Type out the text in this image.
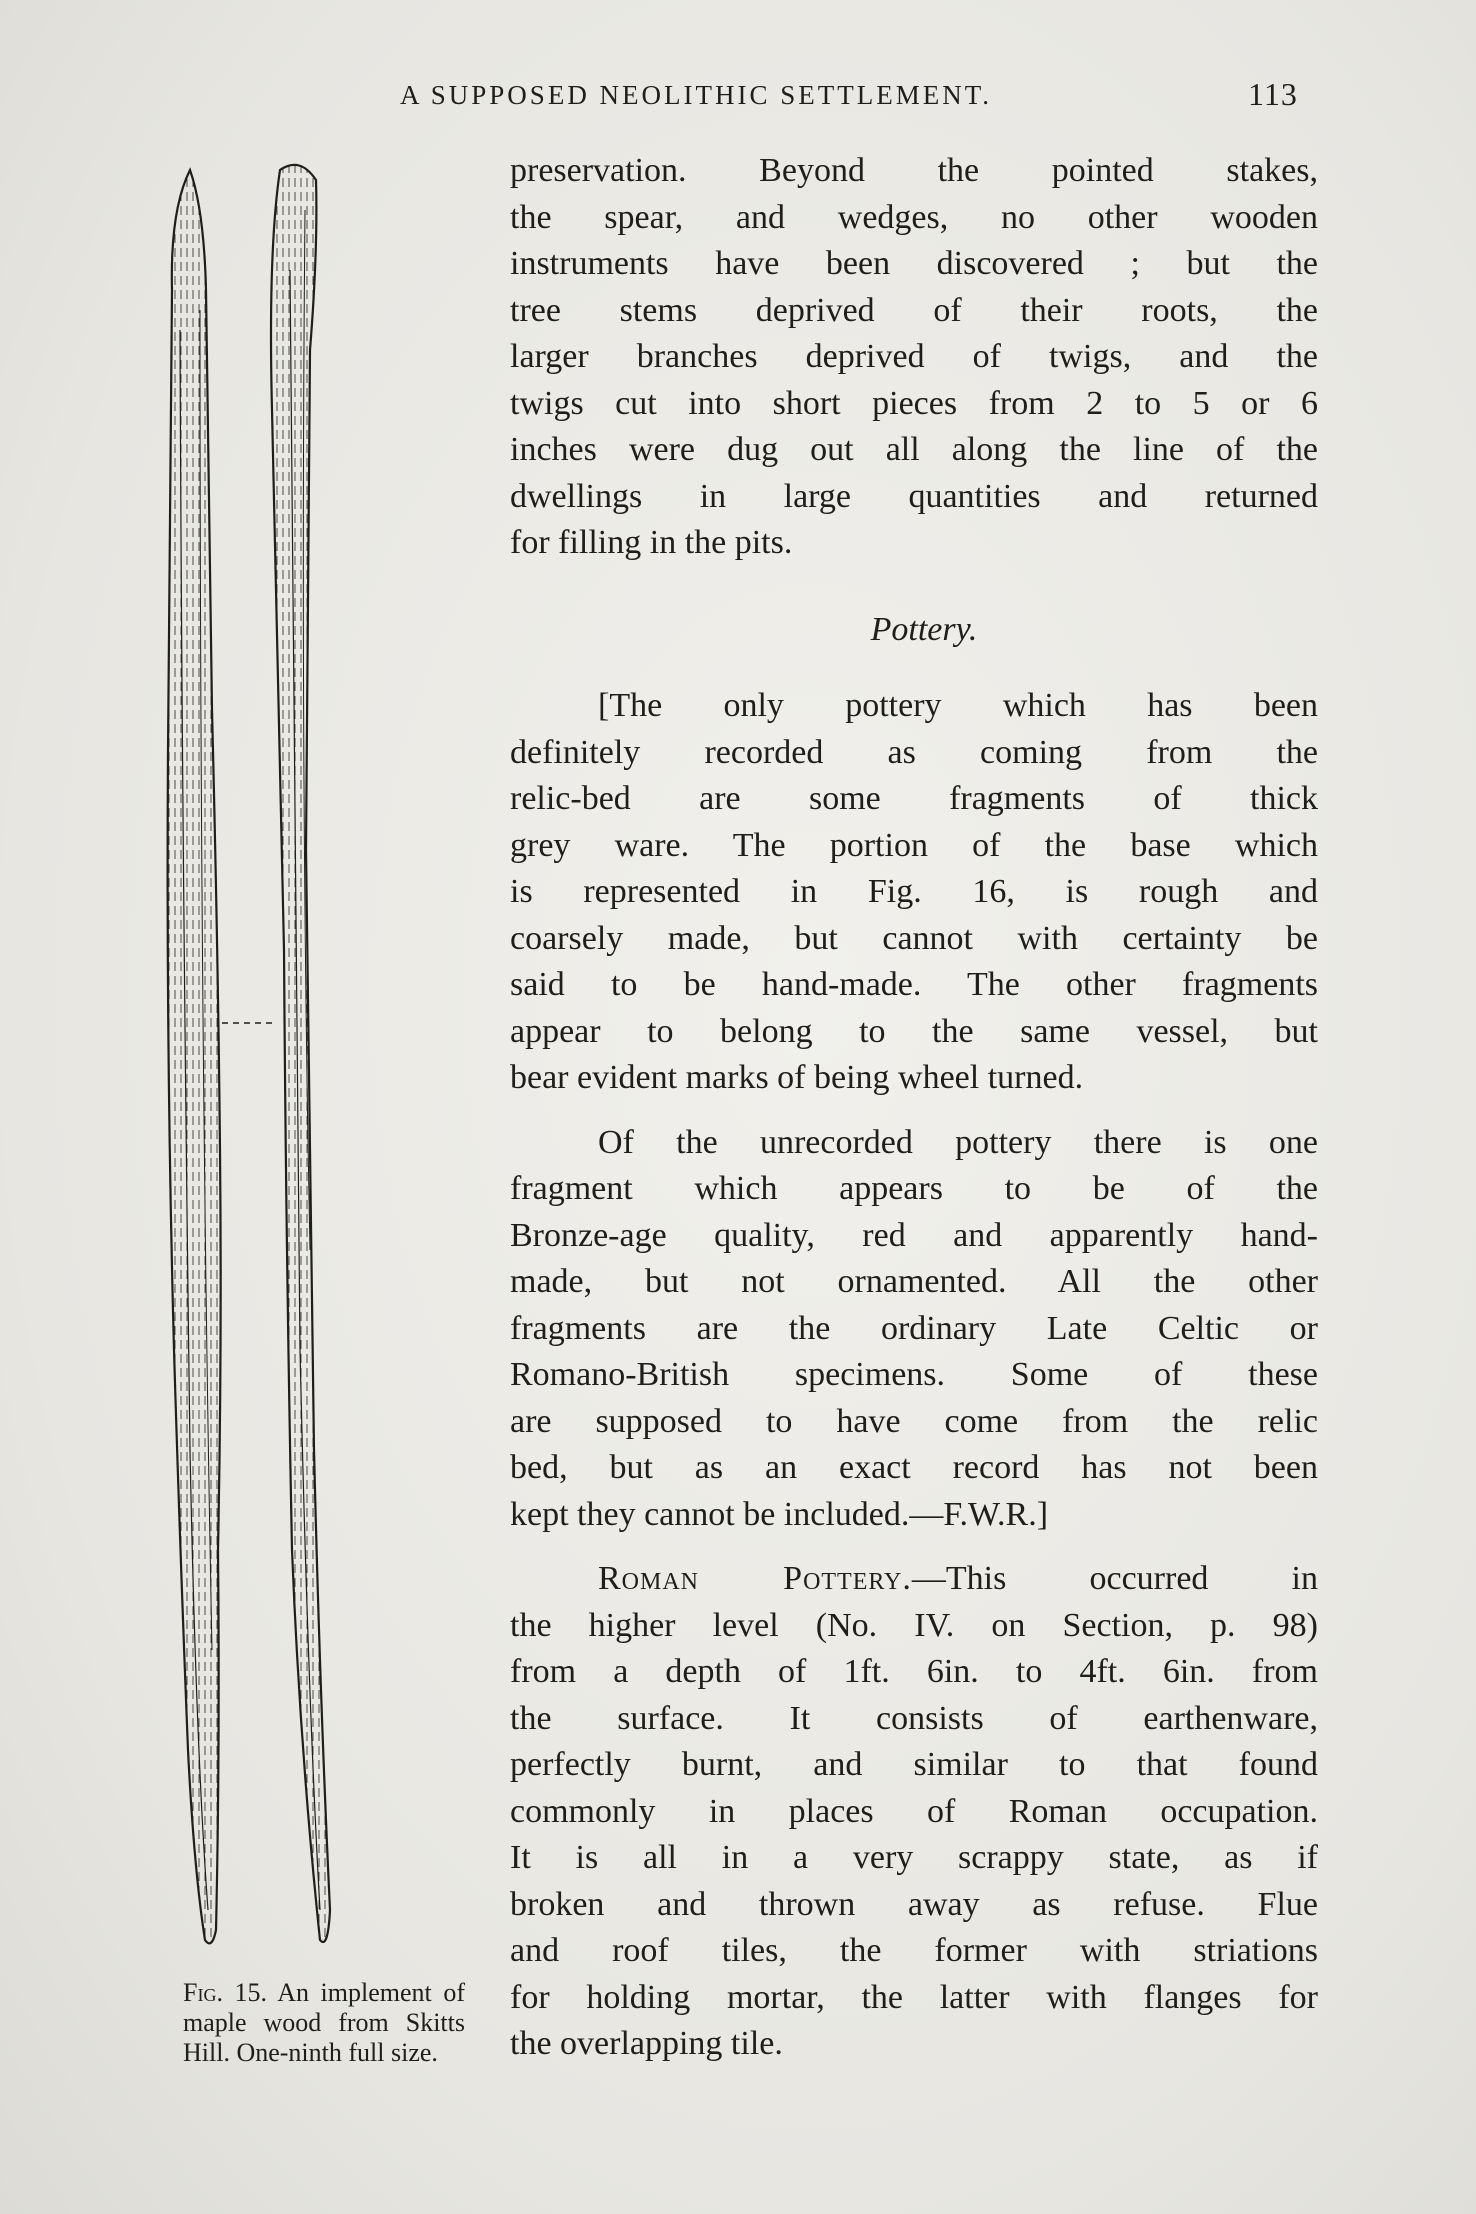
A SUPPOSED NEOLITHIC SETTLEMENT.	113
Fig. 15. An implement of maple wood from Skitts Hill. One-ninth full size.

preservation. Beyond the pointed stakes,
the spear, and wedges, no other wooden
instruments have been discovered ; but the
tree stems deprived of their roots, the
larger branches deprived of twigs, and the
twigs cut into short pieces from 2 to 5 or 6
inches were dug out all along the line of the
dwellings in large quantities and returned
for filling in the pits.

Pottery.

[The only pottery which has been
definitely recorded as coming from the
relic-bed are some fragments of thick
grey ware. The portion of the base which
is represented in Fig. 16, is rough and
coarsely made, but cannot with certainty be
said to be hand-made. The other fragments
appear to belong to the same vessel, but
bear evident marks of being wheel turned.

Of the unrecorded pottery there is one
fragment which appears to be of the
Bronze-age quality, red and apparently hand-
made, but not ornamented. All the other
fragments are the ordinary Late Celtic or
Romano-British specimens. Some of these
are supposed to have come from the relic
bed, but as an exact record has not been
kept they cannot be included.—F.W.R.]

Roman Pottery.—This occurred in
the higher level (No. IV. on Section, p. 98)
from a depth of 1ft. 6in. to 4ft. 6in. from
the surface. It consists of earthenware,
perfectly burnt, and similar to that found
commonly in places of Roman occupation.
It is all in a very scrappy state, as if
broken and thrown away as refuse. Flue
and roof tiles, the former with striations
for holding mortar, the latter with flanges for
the overlapping tile.
